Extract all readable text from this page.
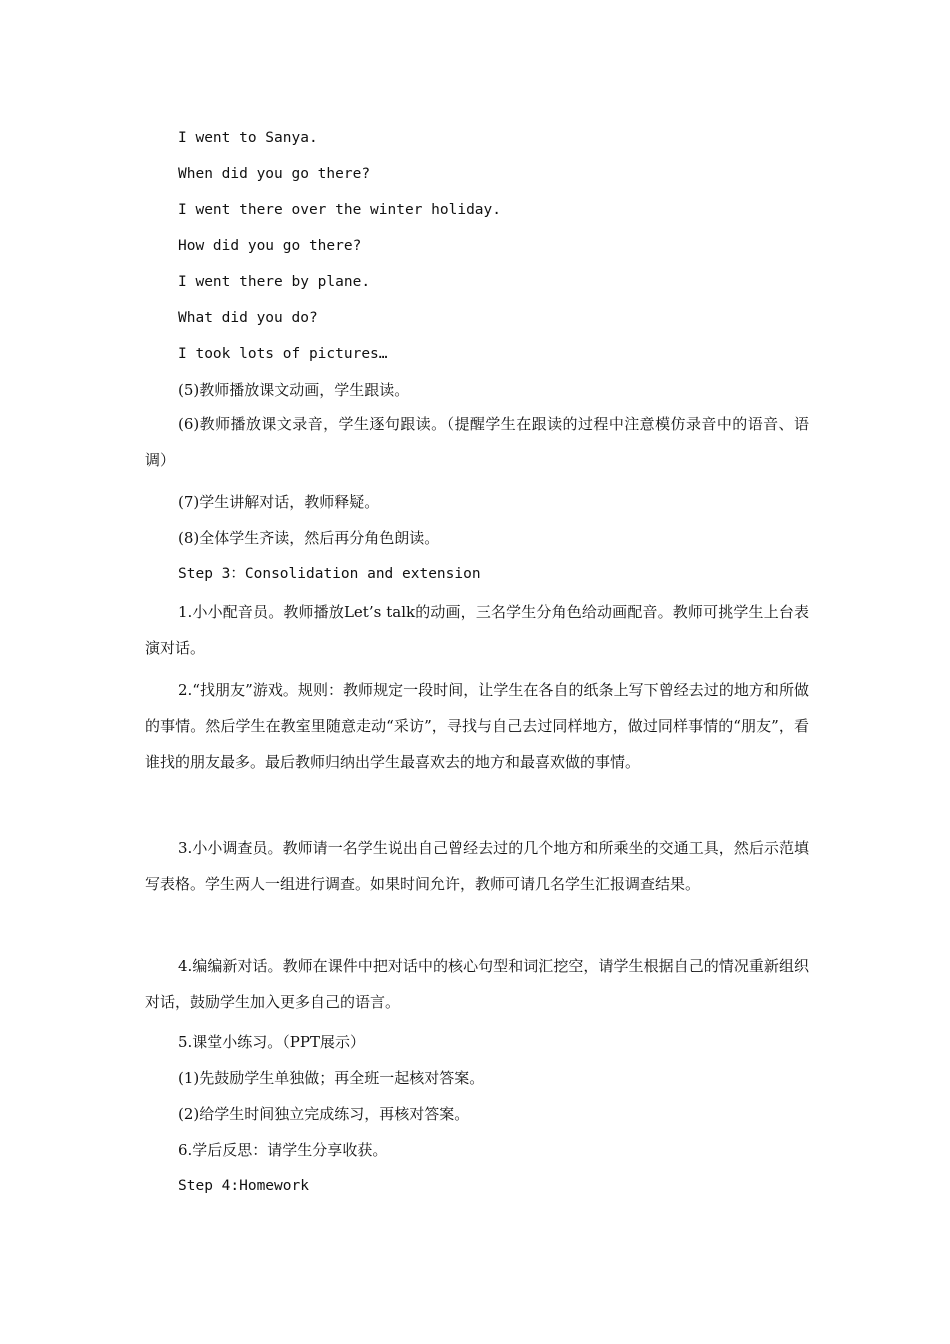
I went to Sanya.
When did you go there?
I went there over the winter holiday.
How did you go there?
I went there by plane.
What did you do?
I took lots of pictures…
(5)教师播放课文动画，学生跟读。
(6)教师播放课文录音，学生逐句跟读。（提醒学生在跟读的过程中注意模仿录音中的语音、语调）
(7)学生讲解对话，教师释疑。
(8)全体学生齐读，然后再分角色朗读。
Step 3：Consolidation and extension
1.小小配音员。教师播放Let’s talk的动画，三名学生分角色给动画配音。教师可挑学生上台表演对话。
2.“找朋友”游戏。规则：教师规定一段时间，让学生在各自的纸条上写下曾经去过的地方和所做的事情。然后学生在教室里随意走动“采访”，寻找与自己去过同样地方，做过同样事情的“朋友”，看谁找的朋友最多。最后教师归纳出学生最喜欢去的地方和最喜欢做的事情。
3.小小调查员。教师请一名学生说出自己曾经去过的几个地方和所乘坐的交通工具，然后示范填写表格。学生两人一组进行调查。如果时间允许，教师可请几名学生汇报调查结果。
4.编编新对话。教师在课件中把对话中的核心句型和词汇挖空，请学生根据自己的情况重新组织对话，鼓励学生加入更多自己的语言。
5.课堂小练习。（PPT展示）
(1)先鼓励学生单独做；再全班一起核对答案。
(2)给学生时间独立完成练习，再核对答案。
6.学后反思：请学生分享收获。
Step 4:Homework
